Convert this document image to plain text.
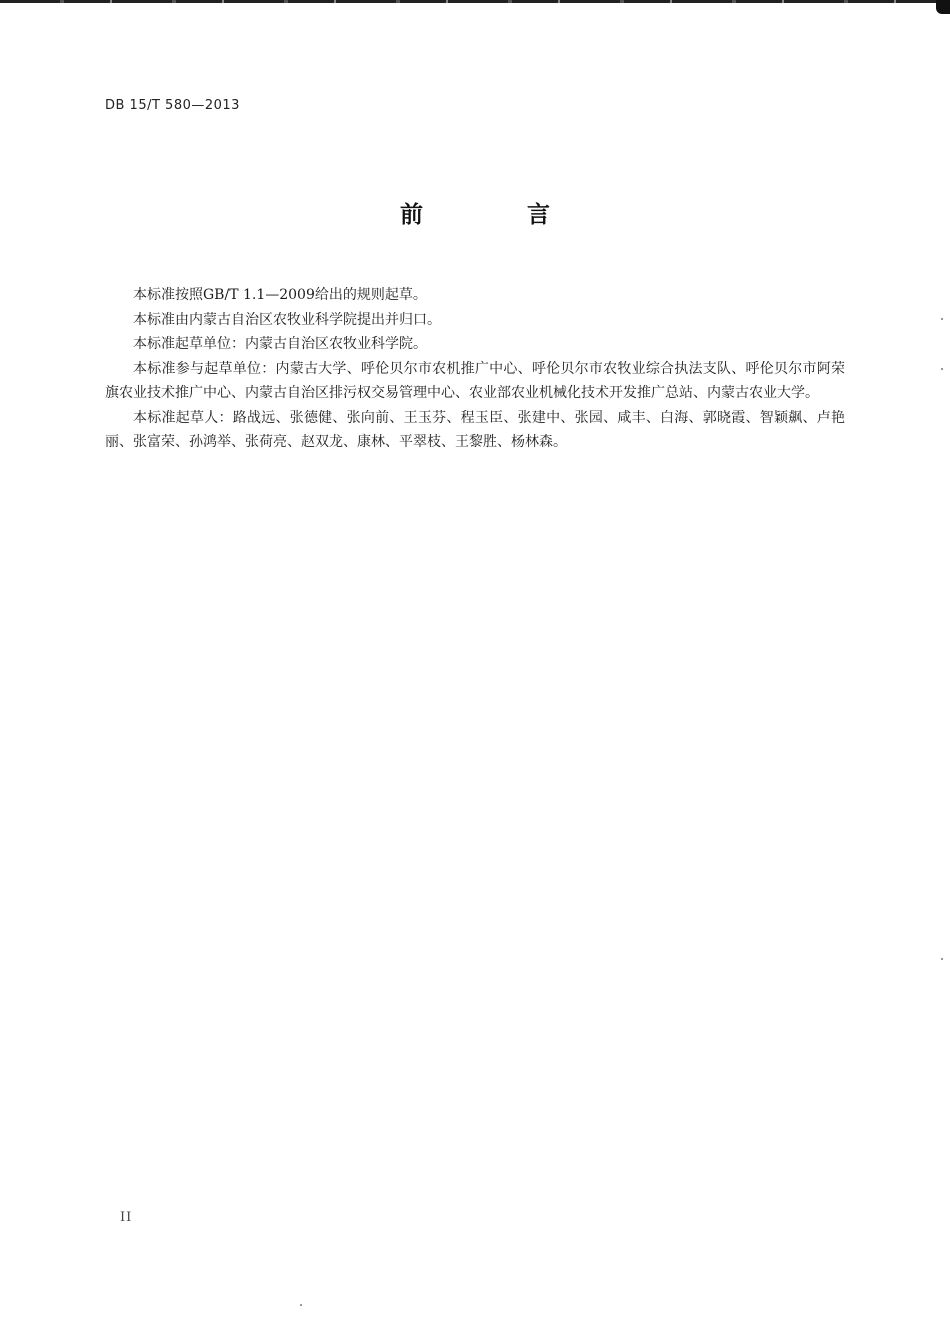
DB 15/T 580—2013
前 言

本标准按照GB/T 1.1—2009给出的规则起草。

本标准由内蒙古自治区农牧业科学院提出并归口。

本标准起草单位：内蒙古自治区农牧业科学院。

本标准参与起草单位：内蒙古大学、呼伦贝尔市农机推广中心、呼伦贝尔市农牧业综合执法支队、呼伦贝尔市阿荣旗农业技术推广中心、内蒙古自治区排污权交易管理中心、农业部农业机械化技术开发推广总站、内蒙古农业大学。

本标准起草人：路战远、张德健、张向前、王玉芬、程玉臣、张建中、张园、咸丰、白海、郭晓霞、智颖飙、卢艳丽、张富荣、孙鸿举、张荷亮、赵双龙、康林、平翠枝、王黎胜、杨林森。

II
